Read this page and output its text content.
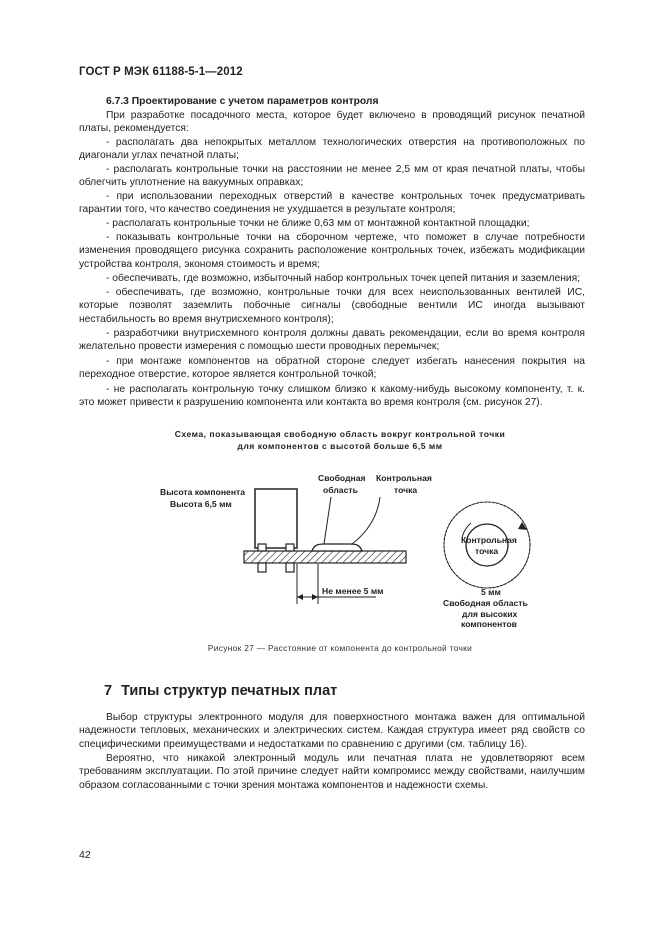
ГОСТ Р МЭК 61188-5-1—2012
6.7.3 Проектирование с учетом параметров контроля
При разработке посадочного места, которое будет включено в проводящий рисунок печатной платы, рекомендуется:
- располагать два непокрытых металлом технологических отверстия на противоположных по диагонали углах печатной платы;
- располагать контрольные точки на расстоянии не менее 2,5 мм от края печатной платы, чтобы облегчить уплотнение на вакуумных оправках;
- при использовании переходных отверстий в качестве контрольных точек предусматривать гарантии того, что качество соединения не ухудшается в результате контроля;
- располагать контрольные точки не ближе 0,63 мм от монтажной контактной площадки;
- показывать контрольные точки на сборочном чертеже, что поможет в случае потребности изменения проводящего рисунка сохранить расположение контрольных точек, избежать модификации устройства контроля, экономя стоимость и время;
- обеспечивать, где возможно, избыточный набор контрольных точек цепей питания и заземления;
- обеспечивать, где возможно, контрольные точки для всех неиспользованных вентилей ИС, которые позволят заземлить побочные сигналы (свободные вентили ИС иногда вызывают нестабильность во время внутрисхемного контроля);
- разработчики внутрисхемного контроля должны давать рекомендации, если во время контроля желательно провести измерения с помощью шести проводных перемычек;
- при монтаже компонентов на обратной стороне следует избегать нанесения покрытия на переходное отверстие, которое является контрольной точкой;
- не располагать контрольную точку слишком близко к какому-нибудь высокому компоненту, т. к. это может привести к разрушению компонента или контакта во время контроля (см. рисунок 27).
Схема, показывающая свободную область вокруг контрольной точки
для компонентов с высотой больше 6,5 мм
Высота компонента
Высота 6,5 мм
Свободная
область
Контрольная
точка
Не менее 5 мм
Контрольная
точка
5 мм
Свободная область
для высоких
компонентов
Рисунок 27 — Расстояние от компонента до контрольной точки
7 Типы структур печатных плат
Выбор структуры электронного модуля для поверхностного монтажа важен для оптимальной надежности тепловых, механических и электрических систем. Каждая структура имеет ряд свойств со специфическими преимуществами и недостатками по сравнению с другими (см. таблицу 16).
Вероятно, что никакой электронный модуль или печатная плата не удовлетворяют всем требованиям эксплуатации. По этой причине следует найти компромисс между свойствами, наилучшим образом согласованными с точки зрения монтажа компонентов и надежности схемы.
42
